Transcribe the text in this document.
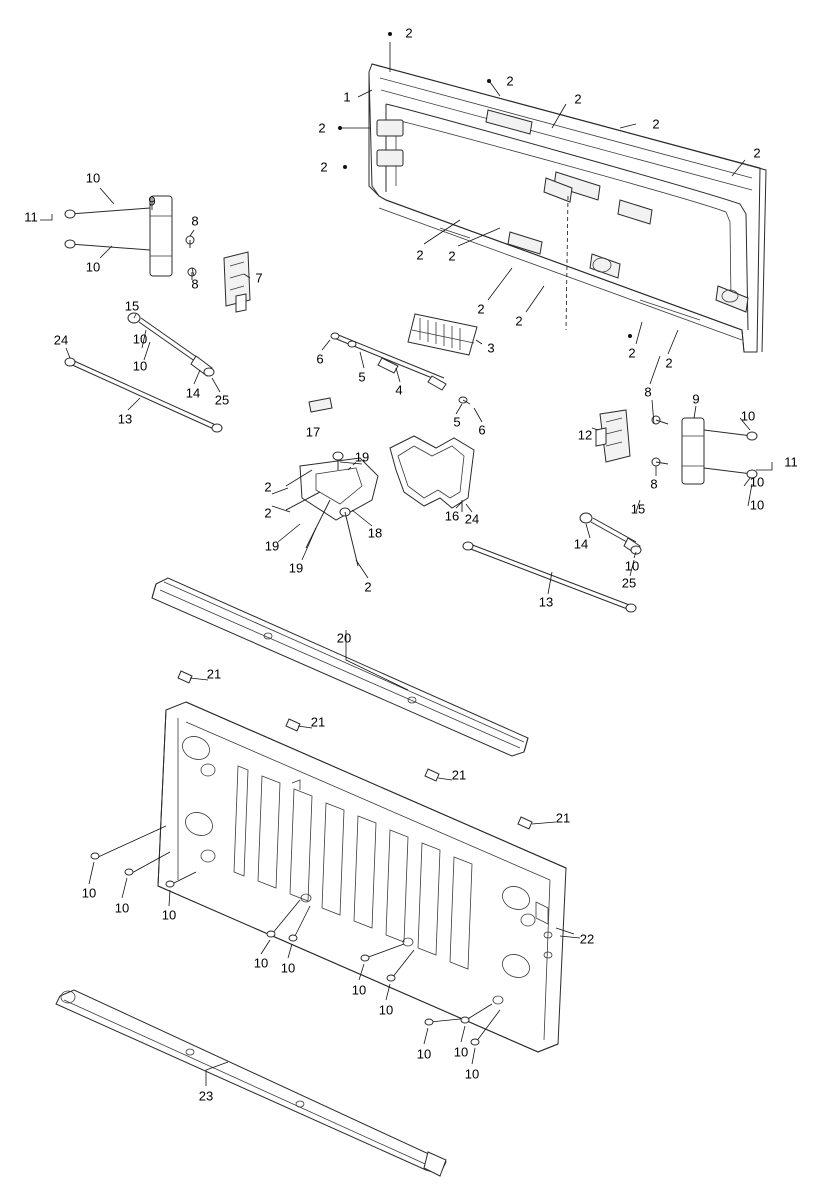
2
1
2
2
2
2
2
2
10
9
8
11
2 2
10
7
8
2
2
15
3	2
10
10
24
6
5
4
2
8
14 25	9
10
13	5
6
17	12
11
19
8	10
2
2
18
16 24
15	10
19
19
2
14
10
25
13
20
21
21
21
21
10
10	10
22
10 10
10
10
10 10
10
23
